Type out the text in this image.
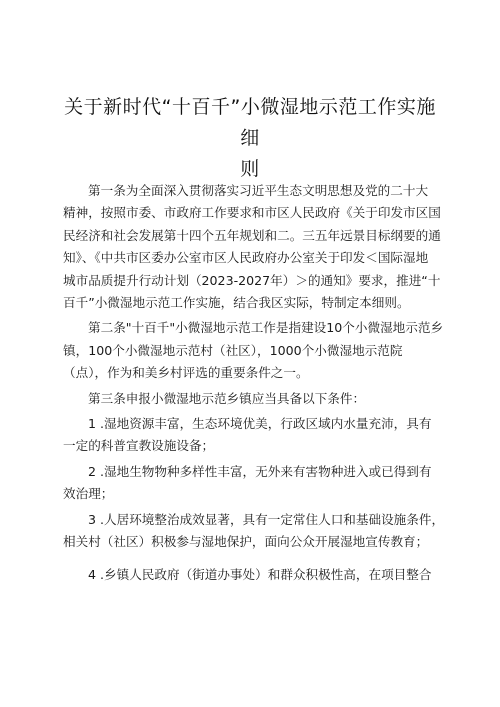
关于新时代“十百千”小微湿地示范工作实施细
则

第一条为全面深入贯彻落实习近平生态文明思想及党的二十大
精神，按照市委、市政府工作要求和市区人民政府《关于印发市区国
民经济和社会发展第十四个五年规划和二。三五年远景目标纲要的通
知》、《中共市区委办公室市区人民政府办公室关于印发＜国际湿地
城市品质提升行动计划（2023-2027年）＞的通知》要求，推进“十
百千”小微湿地示范工作实施，结合我区实际，特制定本细则。

第二条"十百千"小微湿地示范工作是指建设10个小微湿地示范乡
镇，100个小微湿地示范村（社区），1000个小微湿地示范院
（点），作为和美乡村评选的重要条件之一。

第三条申报小微湿地示范乡镇应当具备以下条件：

1 .湿地资源丰富，生态环境优美，行政区域内水量充沛，具有
一定的科普宣教设施设备；

2 .湿地生物物种多样性丰富，无外来有害物种进入或已得到有
效治理；

3 .人居环境整治成效显著，具有一定常住人口和基础设施条件，
相关村（社区）积极参与湿地保护，面向公众开展湿地宣传教育；

4 .乡镇人民政府（街道办事处）和群众积极性高，在项目整合
